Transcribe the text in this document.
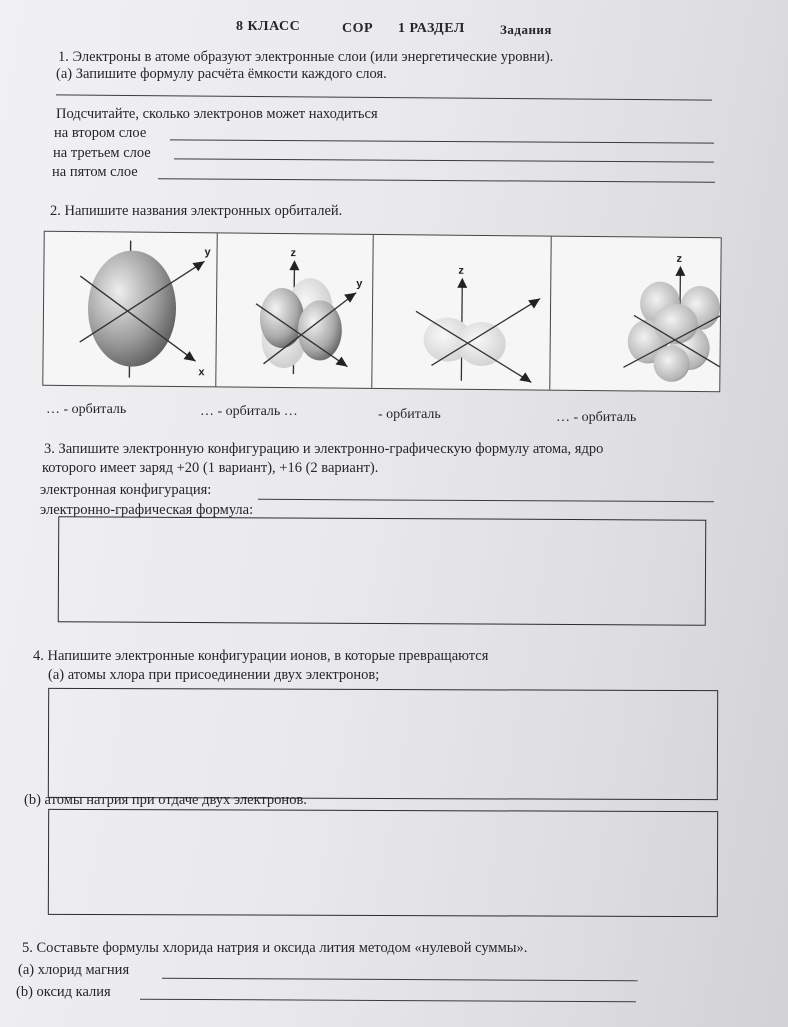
8 КЛАСС	СОР 1 РАЗДЕЛ	Задания
1. Электроны в атоме образуют электронные слои (или энергетические уровни).
(a) Запишите формулу расчёта ёмкости каждого слоя.
Подсчитайте, сколько электронов может находиться
на втором слое
на третьем слое
на пятом слое
2. Напишите названия электронных орбиталей.
x
y	z
y
z
z
… - орбиталь	… - орбиталь …	- орбиталь	… - орбиталь
3. Запишите электронную конфигурацию и электронно-графическую формулу атома, ядро
которого имеет заряд +20 (1 вариант), +16 (2 вариант).
электронная конфигурация:
электронно-графическая формула:
4. Напишите электронные конфигурации ионов, в которые превращаются
(a) атомы хлора при присоединении двух электронов;
(b) атомы натрия при отдаче двух электронов.
5. Составьте формулы хлорида натрия и оксида лития методом «нулевой суммы».
(a) хлорид магния
(b) оксид калия
